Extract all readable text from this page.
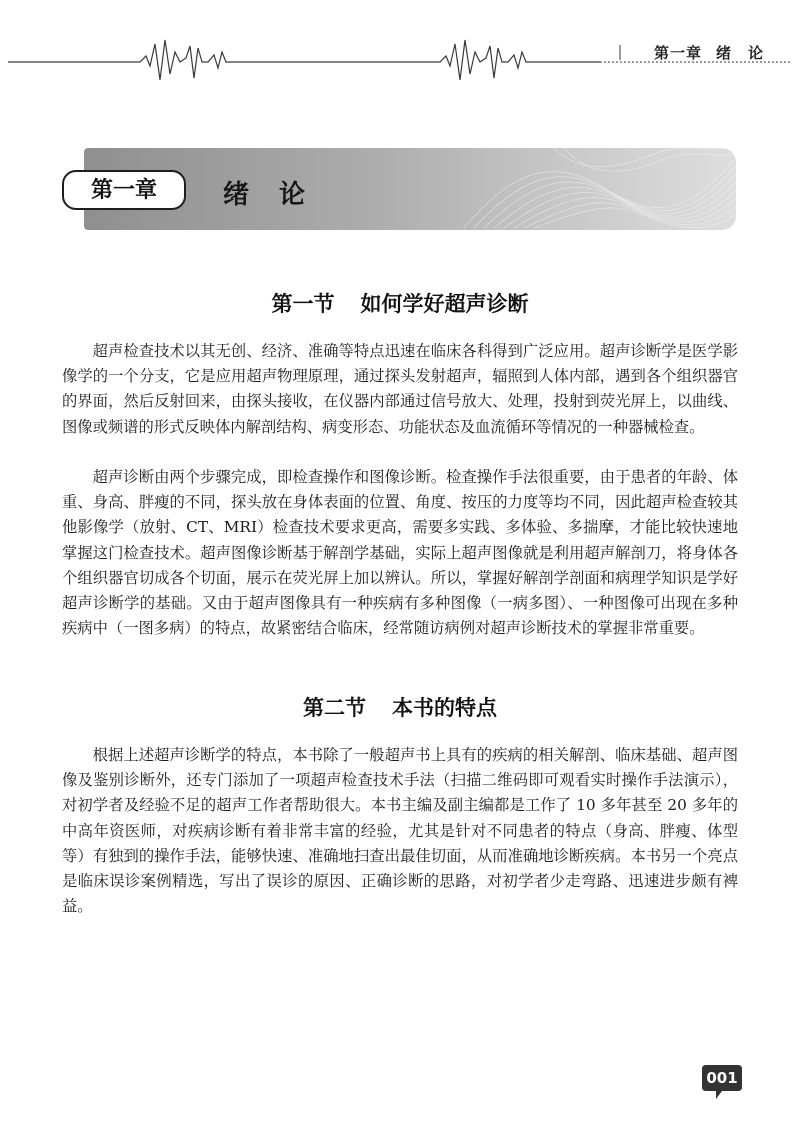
第一章 绪　论
第一章	绪论
第一节 如何学好超声诊断

超声检查技术以其无创、经济、准确等特点迅速在临床各科得到广泛应用。超声诊断学是医学影像学的一个分支，它是应用超声物理原理，通过探头发射超声，辐照到人体内部，遇到各个组织器官的界面，然后反射回来，由探头接收，在仪器内部通过信号放大、处理，投射到荧光屏上，以曲线、图像或频谱的形式反映体内解剖结构、病变形态、功能状态及血流循环等情况的一种器械检查。

超声诊断由两个步骤完成，即检查操作和图像诊断。检查操作手法很重要，由于患者的年龄、体重、身高、胖瘦的不同，探头放在身体表面的位置、角度、按压的力度等均不同，因此超声检查较其他影像学（放射、CT、MRI）检查技术要求更高，需要多实践、多体验、多揣摩，才能比较快速地掌握这门检查技术。超声图像诊断基于解剖学基础，实际上超声图像就是利用超声解剖刀，将身体各个组织器官切成各个切面，展示在荧光屏上加以辨认。所以，掌握好解剖学剖面和病理学知识是学好超声诊断学的基础。又由于超声图像具有一种疾病有多种图像（一病多图）、一种图像可出现在多种疾病中（一图多病）的特点，故紧密结合临床，经常随访病例对超声诊断技术的掌握非常重要。

第二节 本书的特点

根据上述超声诊断学的特点，本书除了一般超声书上具有的疾病的相关解剖、临床基础、超声图像及鉴别诊断外，还专门添加了一项超声检查技术手法（扫描二维码即可观看实时操作手法演示），对初学者及经验不足的超声工作者帮助很大。本书主编及副主编都是工作了 10 多年甚至 20 多年的中高年资医师，对疾病诊断有着非常丰富的经验，尤其是针对不同患者的特点（身高、胖瘦、体型等）有独到的操作手法，能够快速、准确地扫查出最佳切面，从而准确地诊断疾病。本书另一个亮点是临床误诊案例精选，写出了误诊的原因、正确诊断的思路，对初学者少走弯路、迅速进步颇有裨益。

001
